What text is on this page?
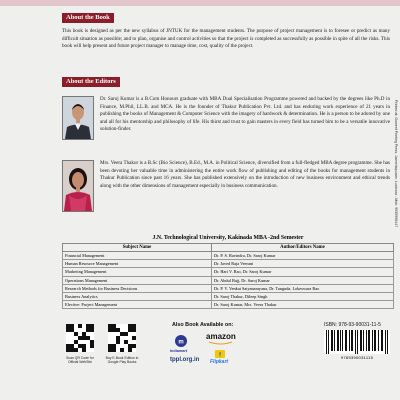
About the Book
This book is designed as per the new syllabus of JNTUK for the management students. The purpose of project management is to foresee or predict as many difficult situation as possible; and to plan, organise and control activities so that the project is completed as successfully as possible in spite of all the risks. This book will help present and future project manager to manage time, cost, quality of the project.
About the Editors
Dr. Saroj Kumar is a B.Com Honours graduate with MBA Dual Specialisation Programme powered and backed by the degrees like Ph.D in Finance, M.Phil, LL.B. and MCA. He is the founder of Thakur Publication Pvt. Ltd. and has enduring work experience of 21 years in publishing the books of Management & Computer Science with the imagery of hardwork & determination. He is a person to be adored by one and all for his mentorship and philosophy of life. His thirst and trust to gain masters in every field has turned him to be a versatile innovative solution-finder.
Mrs. Veera Thakur is a B.Sc (Bio Science), B.Ed., M.A. in Political Science, diversified from a full-fledged MBA degree programme. She has been devoting her valuable time in administering the entire work flow of publishing and editing of the books for management students in Thakur Publication since past 16 years. She has published extensively on the introduction of new business environment and ethical trends along with the other dimensions of management especially in business communication.	Printed at: Gowerit Printing Press, Jammitapuram, Lucknow - Mob. 9935998447
J.N. Technological University, Kakinada MBA -2nd Semester
Subject Name	Author/Editors Name
Financial Management	Dr. P. S. Ravindra, Dr. Saroj Kumar
Human Resource Management	Dr. Javed Raja Veerani
Marketing Management	Dr. Hari V. Rao, Dr. Saroj Kumar
Operations Management	Dr. Abdul Bajj, Dr. Saroj Kumar
Research Methods for Business Decisions	Dr. P. V. Venkat Satyanarayana, Dr. Tanguda. Lokeswara Rao
Business Analytics	Dr. Saroj Thakur, Dileep Singh
Elective: Project Management	Dr. Saroj Kumar, Mrs. Veera Thakur
Scan QR Code for Official WebSite
Buy E-Book Edition in Google Play Books
Also Book Available on:
amazon
m
Indiamart
tppl.org.in
f
Flipkart
ISBN: 978-93-90031-11-5
9789390031115
